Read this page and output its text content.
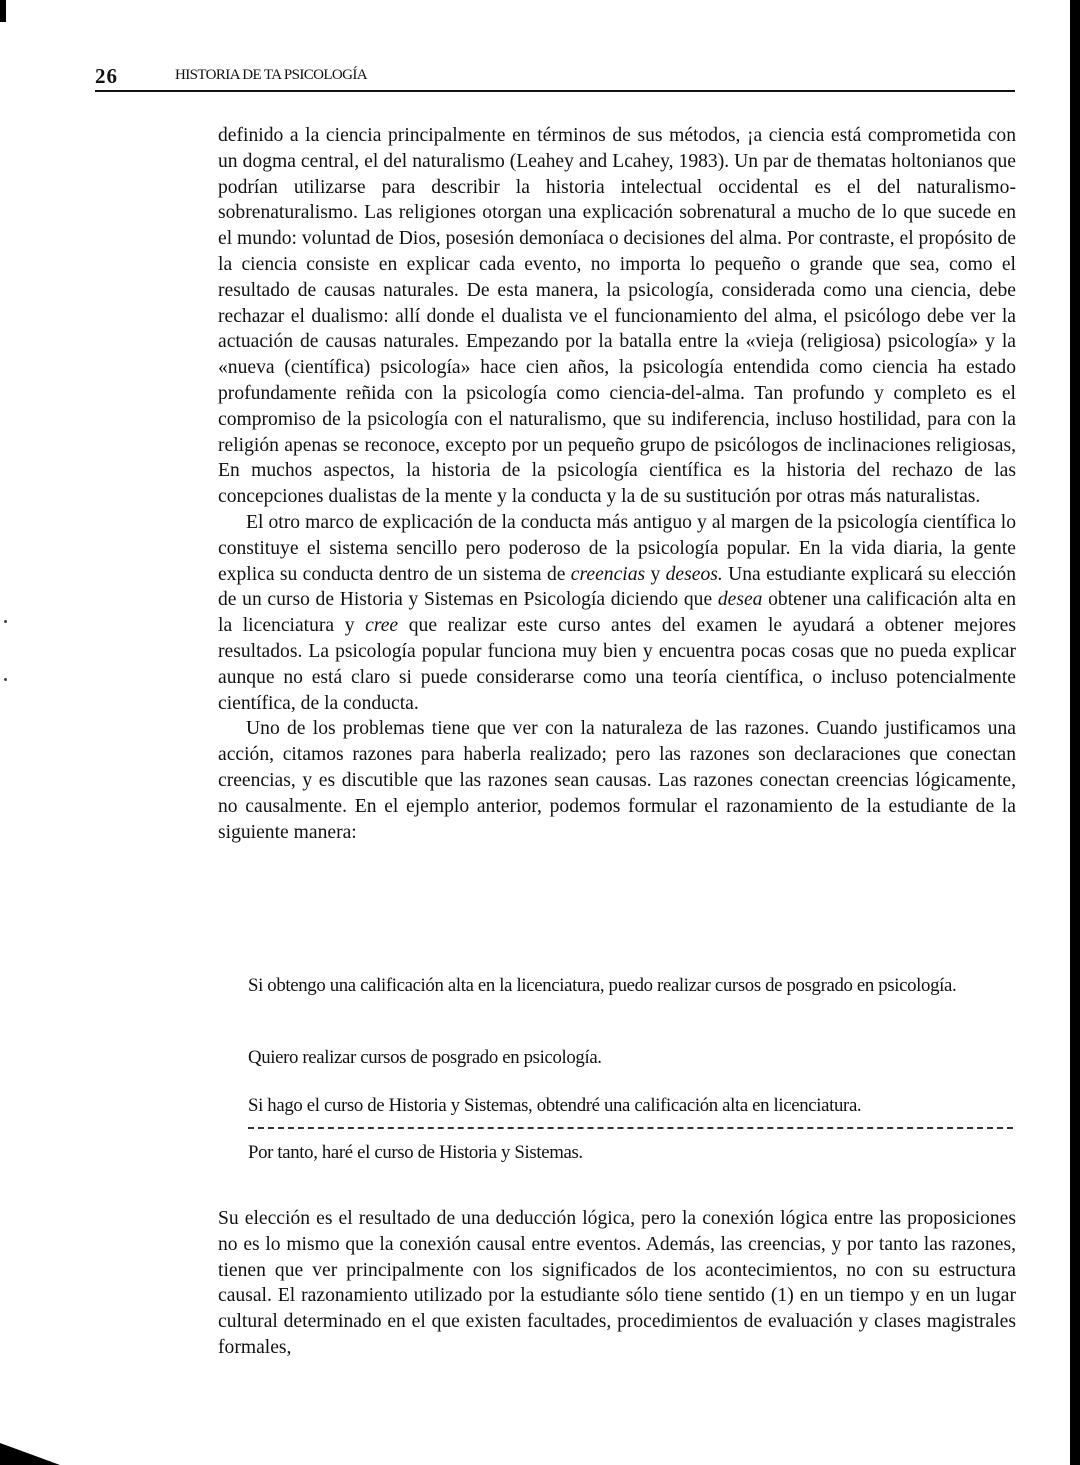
26	HISTORIA DE TA PSICOLOGÍA

definido a la ciencia principalmente en términos de sus métodos, ¡a ciencia está comprometida con un dogma central, el del naturalismo (Leahey and Lcahey, 1983). Un par de thematas holtonianos que podrían utilizarse para describir la historia intelectual occidental es el del naturalismo-sobrenaturalismo. Las religiones otorgan una explicación sobrenatural a mucho de lo que sucede en el mundo: voluntad de Dios, posesión demoníaca o decisiones del alma. Por contraste, el propósito de la ciencia consiste en explicar cada evento, no importa lo pequeño o grande que sea, como el resultado de causas naturales. De esta manera, la psicología, considerada como una ciencia, debe rechazar el dualismo: allí donde el dualista ve el funcionamiento del alma, el psicólogo debe ver la actuación de causas naturales. Empezando por la batalla entre la «vieja (religiosa) psicología» y la «nueva (científica) psicología» hace cien años, la psicología entendida como ciencia ha estado profundamente reñida con la psicología como ciencia-del-alma. Tan profundo y completo es el compromiso de la psicología con el naturalismo, que su indiferencia, incluso hostilidad, para con la religión apenas se reconoce, excepto por un pequeño grupo de psicólogos de inclinaciones religiosas, En muchos aspectos, la historia de la psicología científica es la historia del rechazo de las concepciones dualistas de la mente y la conducta y la de su sustitución por otras más naturalistas.

El otro marco de explicación de la conducta más antiguo y al margen de la psicología científica lo constituye el sistema sencillo pero poderoso de la psicología popular. En la vida diaria, la gente explica su conducta dentro de un sistema de creencias y deseos. Una estudiante explicará su elección de un curso de Historia y Sistemas en Psicología diciendo que desea obtener una calificación alta en la licenciatura y cree que realizar este curso antes del examen le ayudará a obtener mejores resultados. La psicología popular funciona muy bien y encuentra pocas cosas que no pueda explicar aunque no está claro si puede considerarse como una teoría científica, o incluso potencialmente científica, de la conducta.

Uno de los problemas tiene que ver con la naturaleza de las razones. Cuando justificamos una acción, citamos razones para haberla realizado; pero las razones son declaraciones que conectan creencias, y es discutible que las razones sean causas. Las razones conectan creencias lógicamente, no causalmente. En el ejemplo anterior, podemos formular el razonamiento de la estudiante de la siguiente manera:

Si obtengo una calificación alta en la licenciatura, puedo realizar cursos de posgrado en psicología.
Quiero realizar cursos de posgrado en psicología.
Si hago el curso de Historia y Sistemas, obtendré una calificación alta en licenciatura.
Por tanto, haré el curso de Historia y Sistemas.

Su elección es el resultado de una deducción lógica, pero la conexión lógica entre las proposiciones no es lo mismo que la conexión causal entre eventos. Además, las creencias, y por tanto las razones, tienen que ver principalmente con los significados de los acontecimientos, no con su estructura causal. El razonamiento utilizado por la estudiante sólo tiene sentido (1) en un tiempo y en un lugar cultural determinado en el que existen facultades, procedimientos de evaluación y clases magistrales formales,
